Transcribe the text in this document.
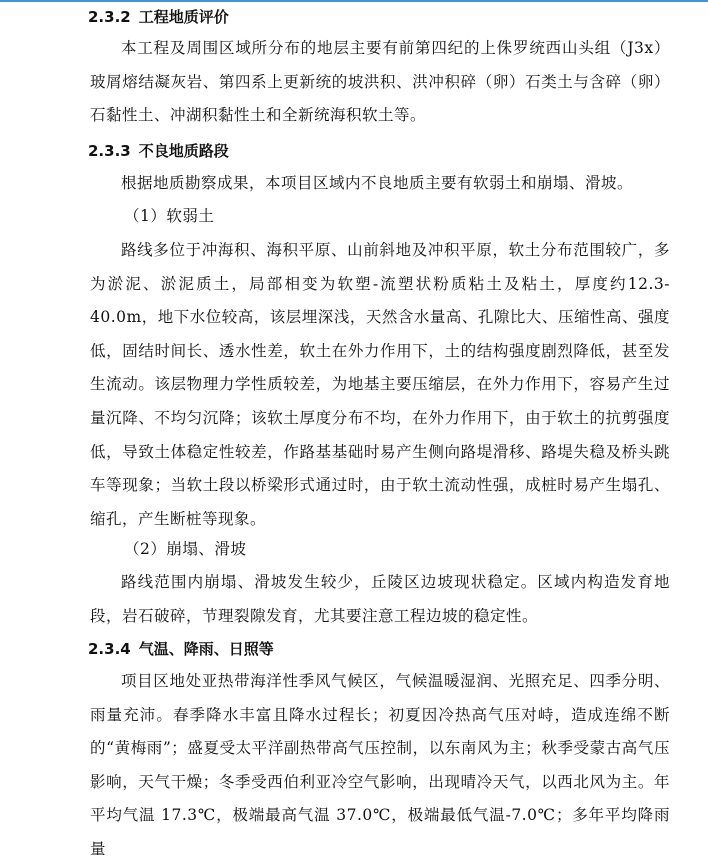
2.3.2 工程地质评价
本工程及周围区域所分布的地层主要有前第四纪的上侏罗统西山头组（J3x）玻屑熔结凝灰岩、第四系上更新统的坡洪积、洪冲积碎（卵）石类土与含碎（卵）石黏性土、冲湖积黏性土和全新统海积软土等。
2.3.3 不良地质路段
根据地质勘察成果，本项目区域内不良地质主要有软弱土和崩塌、滑坡。
（1）软弱土
路线多位于冲海积、海积平原、山前斜地及冲积平原，软土分布范围较广，多为淤泥、淤泥质土，局部相变为软塑-流塑状粉质粘土及粘土，厚度约12.3-40.0m，地下水位较高，该层埋深浅，天然含水量高、孔隙比大、压缩性高、强度低，固结时间长、透水性差，软土在外力作用下，土的结构强度剧烈降低，甚至发生流动。该层物理力学性质较差，为地基主要压缩层，在外力作用下，容易产生过量沉降、不均匀沉降；该软土厚度分布不均，在外力作用下，由于软土的抗剪强度低，导致土体稳定性较差，作路基基础时易产生侧向路堤滑移、路堤失稳及桥头跳车等现象；当软土段以桥梁形式通过时，由于软土流动性强，成桩时易产生塌孔、缩孔，产生断桩等现象。
（2）崩塌、滑坡
路线范围内崩塌、滑坡发生较少，丘陵区边坡现状稳定。区域内构造发育地段，岩石破碎，节理裂隙发育，尤其要注意工程边坡的稳定性。
2.3.4 气温、降雨、日照等
项目区地处亚热带海洋性季风气候区，气候温暖湿润、光照充足、四季分明、雨量充沛。春季降水丰富且降水过程长；初夏因冷热高气压对峙，造成连绵不断的“黄梅雨”；盛夏受太平洋副热带高气压控制，以东南风为主；秋季受蒙古高气压影响，天气干燥；冬季受西伯利亚冷空气影响，出现晴冷天气，以西北风为主。年平均气温 17.3℃，极端最高气温 37.0℃，极端最低气温-7.0℃；多年平均降雨量
